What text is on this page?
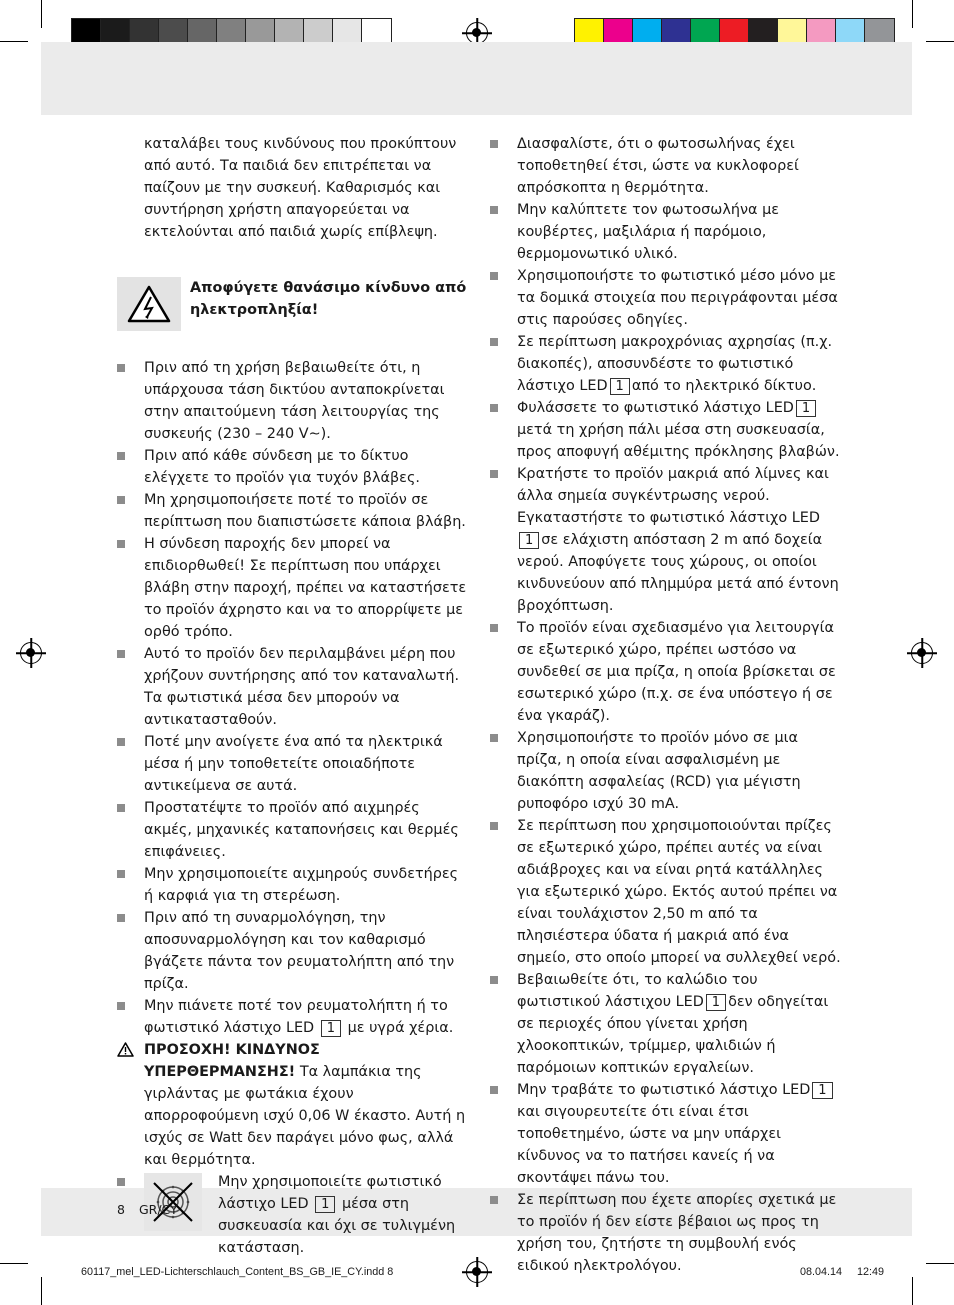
καταλάβει τους κινδύνους που προκύπτουν από αυτό. Τα παιδιά δεν επιτρέπεται να παίζουν με την συσκευή. Καθαρισμός και συντήρηση χρήστη απαγορεύεται να εκτελούνται από παιδιά χωρίς επίβλεψη.

Αποφύγετε θανάσιμο κίνδυνο από ηλεκτροπληξία!
Πριν από τη χρήση βεβαιωθείτε ότι, η υπάρχουσα τάση δικτύου ανταποκρίνεται στην απαιτούμενη τάση λειτουργίας της συσκευής (230 – 240 V∼).
Πριν από κάθε σύνδεση με το δίκτυο ελέγχετε το προϊόν για τυχόν βλάβες.
Μη χρησιμοποιήσετε ποτέ το προϊόν σε περίπτωση που διαπιστώσετε κάποια βλάβη.
Η σύνδεση παροχής δεν μπορεί να επιδιορθωθεί! Σε περίπτωση που υπάρχει βλάβη στην παροχή, πρέπει να καταστήσετε το προϊόν άχρηστο και να το απορρίψετε με ορθό τρόπο.
Αυτό το προϊόν δεν περιλαμβάνει μέρη που χρήζουν συντήρησης από τον καταναλωτή. Τα φωτιστικά μέσα δεν μπορούν να αντικατασταθούν.
Ποτέ μην ανοίγετε ένα από τα ηλεκτρικά μέσα ή μην τοποθετείτε οποιαδήποτε αντικείμενα σε αυτά.
Προστατέψτε το προϊόν από αιχμηρές ακμές, μηχανικές καταπονήσεις και θερμές επιφάνειες.
Μην χρησιμοποιείτε αιχμηρούς συνδετήρες ή καρφιά για τη στερέωση.
Πριν από τη συναρμολόγηση, την αποσυναρμολόγηση και τον καθαρισμό βγάζετε πάντα τον ρευματολήπτη από την πρίζα.
Μην πιάνετε ποτέ τον ρευματολήπτη ή το φωτιστικό λάστιχο LED 1 με υγρά χέρια.
ΠΡΟΣΟΧΗ! ΚΙΝΔΥΝΟΣ ΥΠΕΡΘΕΡΜΑΝΣΗΣ! Τα λαμπάκια της γιρλάντας με φωτάκια έχουν απορροφούμενη ισχύ 0,06 W έκαστο. Αυτή η ισχύς σε Watt δεν παράγει μόνο φως, αλλά και θερμότητα.
Μην χρησιμοποιείτε φωτιστικό λάστιχο LED 1 μέσα στη συσκευασία και όχι σε τυλιγμένη κατάσταση.
Διασφαλίστε, ότι ο φωτοσωλήνας έχει τοποθετηθεί έτσι, ώστε να κυκλοφορεί απρόσκοπτα η θερμότητα.
Μην καλύπτετε τον φωτοσωλήνα με κουβέρτες, μαξιλάρια ή παρόμοιο, θερμομονωτικό υλικό.
Χρησιμοποιήστε το φωτιστικό μέσο μόνο με τα δομικά στοιχεία που περιγράφονται μέσα στις παρούσες οδηγίες.
Σε περίπτωση μακροχρόνιας αχρησίας (π.χ. διακοπές), αποσυνδέστε το φωτιστικό λάστιχο LED 1 από το ηλεκτρικό δίκτυο.
Φυλάσσετε το φωτιστικό λάστιχο LED 1μετά τη χρήση πάλι μέσα στη συσκευασία, προς αποφυγή αθέμιτης πρόκλησης βλαβών.
Κρατήστε το προϊόν μακριά από λίμνες και άλλα σημεία συγκέντρωσης νερού. Εγκαταστήστε το φωτιστικό λάστιχο LED1 σε ελάχιστη απόσταση 2 m από δοχεία νερού. Αποφύγετε τους χώρους, οι οποίοι κινδυνεύουν από πλημμύρα μετά από έντονη βροχόπτωση.
Το προϊόν είναι σχεδιασμένο για λειτουργία σε εξωτερικό χώρο, πρέπει ωστόσο να συνδεθεί σε μια πρίζα, η οποία βρίσκεται σε εσωτερικό χώρο (π.χ. σε ένα υπόστεγο ή σε ένα γκαράζ).
Χρησιμοποιήστε το προϊόν μόνο σε μια πρίζα, η οποία είναι ασφαλισμένη με διακόπτη ασφαλείας (RCD) για μέγιστη ρυποφόρο ισχύ 30 mA.
Σε περίπτωση που χρησιμοποιούνται πρίζες σε εξωτερικό χώρο, πρέπει αυτές να είναι αδιάβροχες και να είναι ρητά κατάλληλες για εξωτερικό χώρο. Εκτός αυτού πρέπει να είναι τουλάχιστον 2,50 m από τα πλησιέστερα ύδατα ή μακριά από ένα σημείο, στο οποίο μπορεί να συλλεχθεί νερό.
Βεβαιωθείτε ότι, το καλώδιο του φωτιστικού λάστιχου LED 1 δεν οδηγείται σε περιοχές όπου γίνεται χρήση χλοοκοπτικών, τρίμμερ, ψαλιδιών ή παρόμοιων κοπτικών εργαλείων.
Μην τραβάτε το φωτιστικό λάστιχο LED 1και σιγουρευτείτε ότι είναι έτσι τοποθετημένο, ώστε να μην υπάρχει κίνδυνος να το πατήσει κανείς ή να σκοντάψει πάνω του.
Σε περίπτωση που έχετε απορίες σχετικά με το προϊόν ή δεν είστε βέβαιοι ως προς τη χρήση του, ζητήστε τη συμβουλή ενός ειδικού ηλεκτρολόγου.
8 GR/CY
60117_mel_LED-Lichterschlauch_Content_BS_GB_IE_CY.indd 8	08.04.14 12:49
